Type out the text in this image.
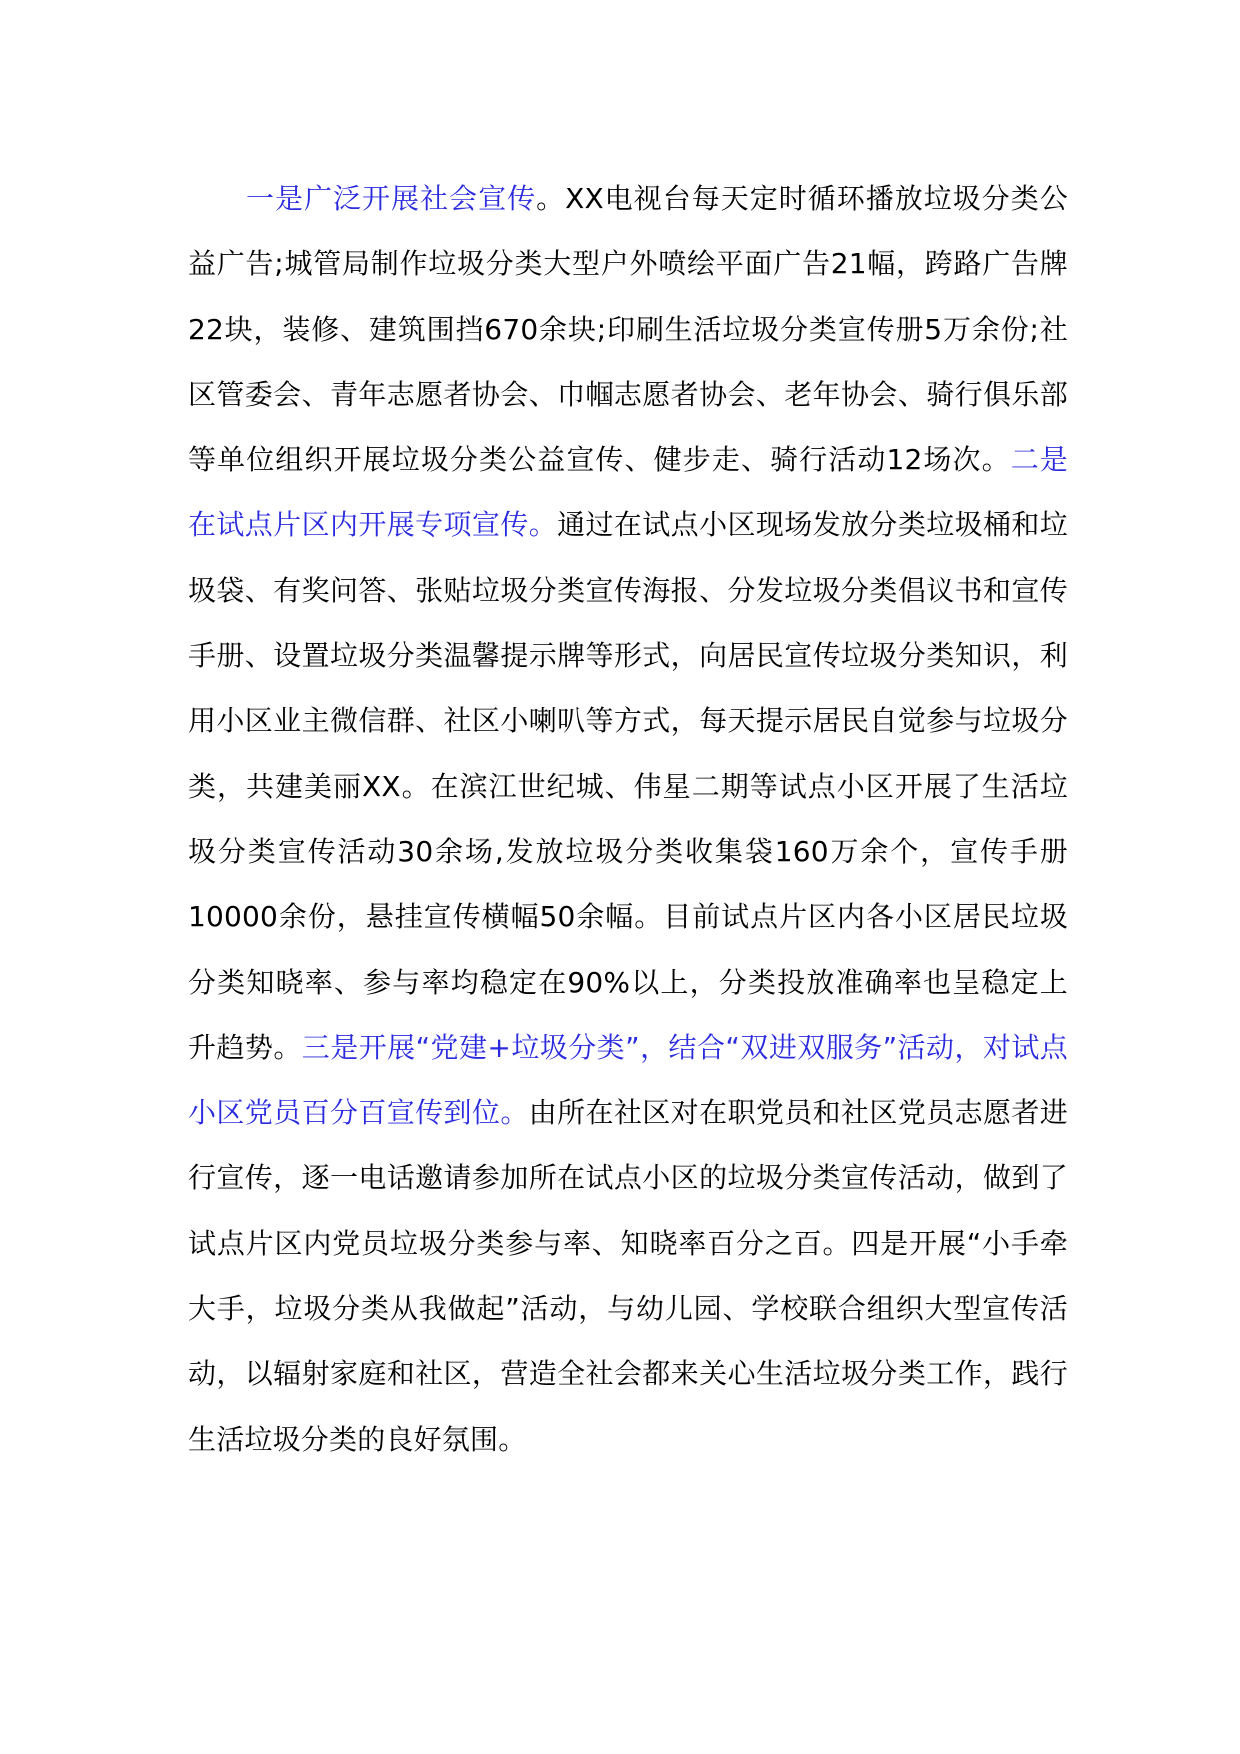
一是广泛开展社会宣传。XX电视台每天定时循环播放垃圾分类公益广告;城管局制作垃圾分类大型户外喷绘平面广告21幅，跨路广告牌22块，装修、建筑围挡670余块;印刷生活垃圾分类宣传册5万余份;社区管委会、青年志愿者协会、巾帼志愿者协会、老年协会、骑行俱乐部等单位组织开展垃圾分类公益宣传、健步走、骑行活动12场次。二是在试点片区内开展专项宣传。通过在试点小区现场发放分类垃圾桶和垃圾袋、有奖问答、张贴垃圾分类宣传海报、分发垃圾分类倡议书和宣传手册、设置垃圾分类温馨提示牌等形式，向居民宣传垃圾分类知识，利用小区业主微信群、社区小喇叭等方式，每天提示居民自觉参与垃圾分类，共建美丽XX。在滨江世纪城、伟星二期等试点小区开展了生活垃圾分类宣传活动30余场,发放垃圾分类收集袋160万余个，宣传手册10000余份，悬挂宣传横幅50余幅。目前试点片区内各小区居民垃圾分类知晓率、参与率均稳定在90%以上，分类投放准确率也呈稳定上升趋势。三是开展“党建+垃圾分类”，结合“双进双服务”活动，对试点小区党员百分百宣传到位。由所在社区对在职党员和社区党员志愿者进行宣传，逐一电话邀请参加所在试点小区的垃圾分类宣传活动，做到了试点片区内党员垃圾分类参与率、知晓率百分之百。四是开展“小手牵大手，垃圾分类从我做起”活动，与幼儿园、学校联合组织大型宣传活动，以辐射家庭和社区，营造全社会都来关心生活垃圾分类工作，践行生活垃圾分类的良好氛围。
